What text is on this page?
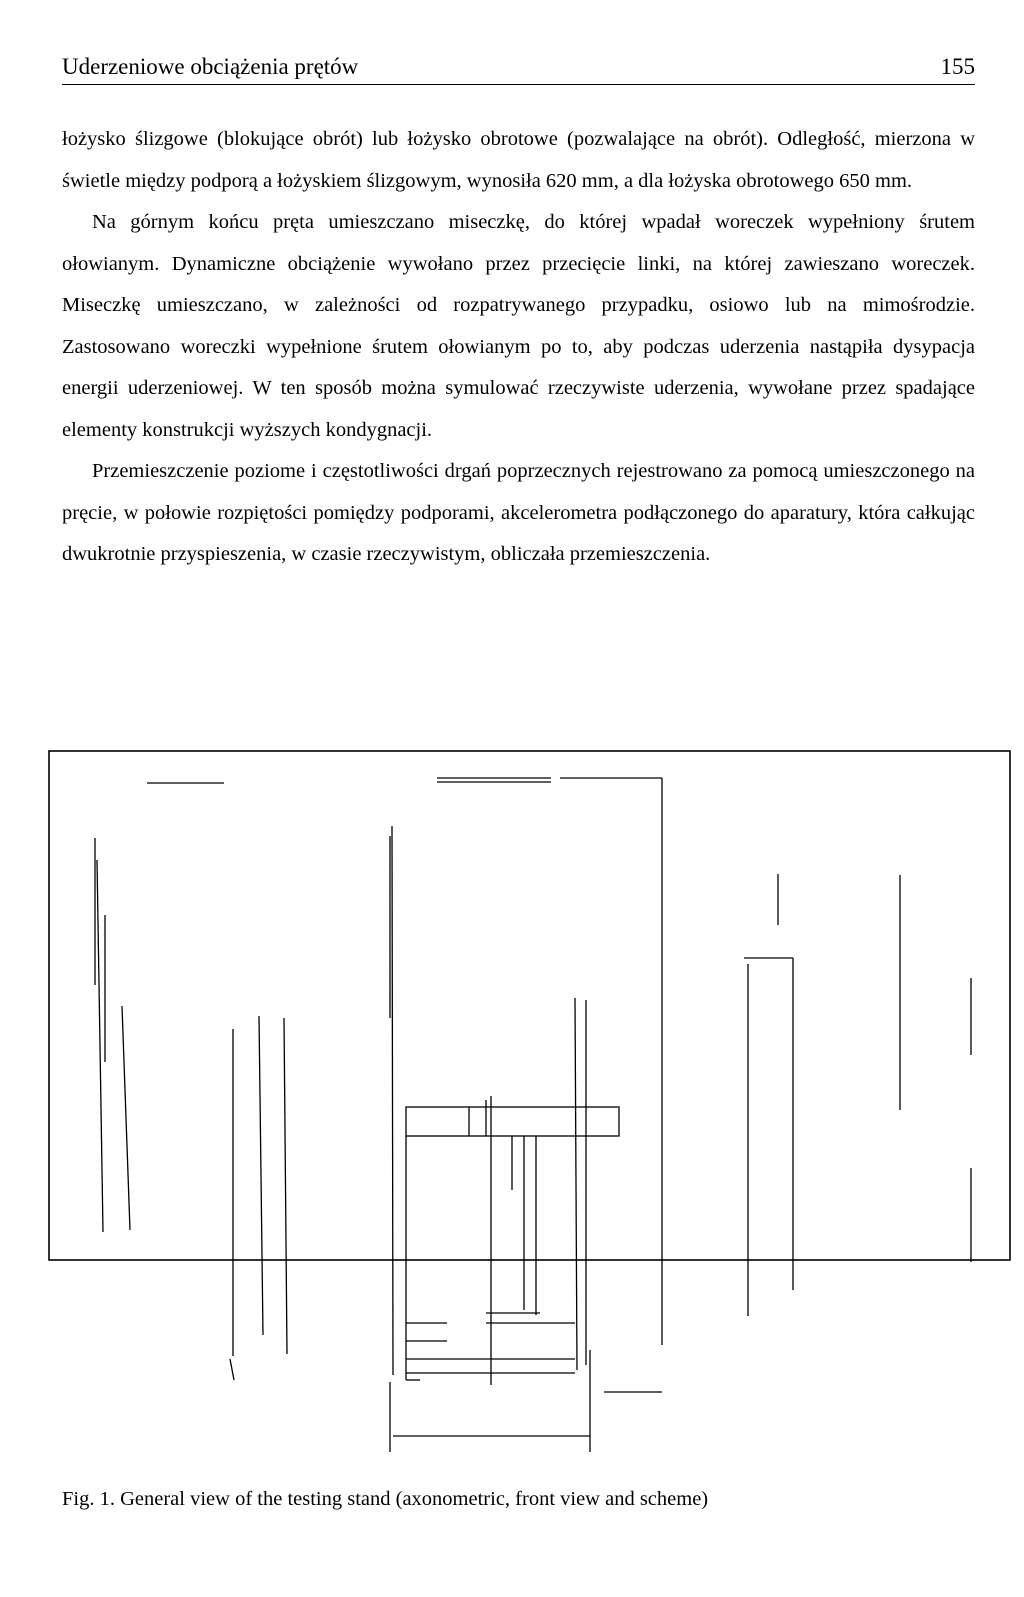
Uderzeniowe obciążenia prętów	155

łożysko ślizgowe (blokujące obrót) lub łożysko obrotowe (pozwalające na obrót). Odległość, mierzona w świetle między podporą a łożyskiem ślizgowym, wynosiła 620 mm, a dla łożyska obrotowego 650 mm.

Na górnym końcu pręta umieszczano miseczkę, do której wpadał woreczek wypełniony śrutem ołowianym. Dynamiczne obciążenie wywołano przez przecięcie linki, na której zawieszano woreczek. Miseczkę umieszczano, w zależności od rozpatrywanego przypadku, osiowo lub na mimośrodzie. Zastosowano woreczki wypełnione śrutem ołowianym po to, aby podczas uderzenia nastąpiła dysypacja energii uderzeniowej. W ten sposób można symulować rzeczywiste uderzenia, wywołane przez spadające elementy konstrukcji wyższych kondygnacji.

Przemieszczenie poziome i częstotliwości drgań poprzecznych rejestrowano za pomocą umieszczonego na pręcie, w połowie rozpiętości pomiędzy podporami, akcelerometra podłączonego do aparatury, która całkując dwukrotnie przyspieszenia, w czasie rzeczywistym, obliczała przemieszczenia.

Fig. 1. General view of the testing stand (axonometric, front view and scheme)
